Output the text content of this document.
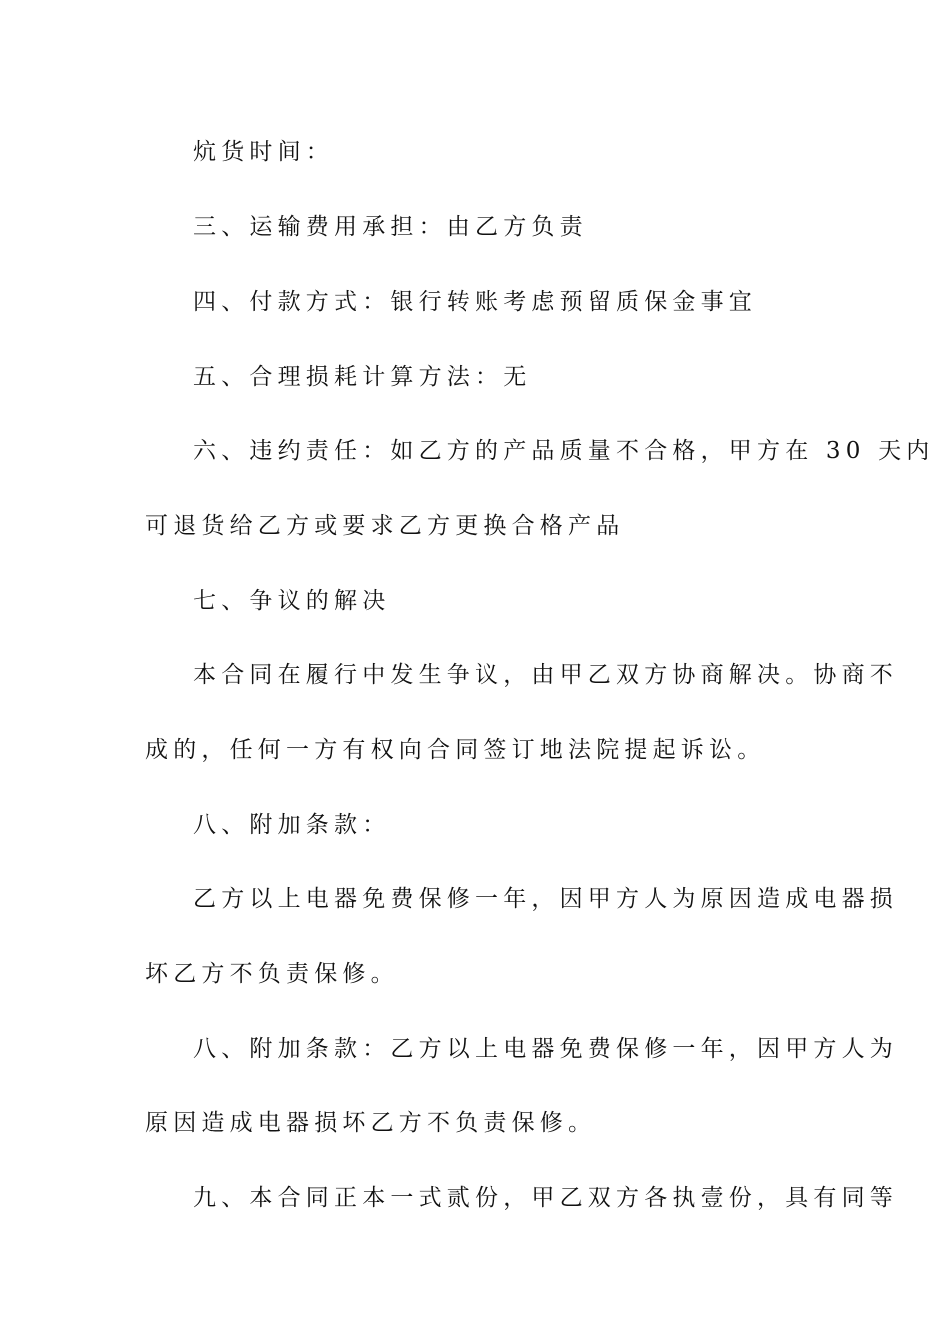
炕货时间：
三、运输费用承担：由乙方负责
四、付款方式：银行转账考虑预留质保金事宜
五、合理损耗计算方法：无
六、违约责任：如乙方的产品质量不合格，甲方在 30 天内
可退货给乙方或要求乙方更换合格产品
七、争议的解决
本合同在履行中发生争议，由甲乙双方协商解决。协商不
成的，任何一方有权向合同签订地法院提起诉讼。
八、附加条款：
乙方以上电器免费保修一年，因甲方人为原因造成电器损
坏乙方不负责保修。
八、附加条款：乙方以上电器免费保修一年，因甲方人为
原因造成电器损坏乙方不负责保修。
九、本合同正本一式贰份，甲乙双方各执壹份，具有同等
